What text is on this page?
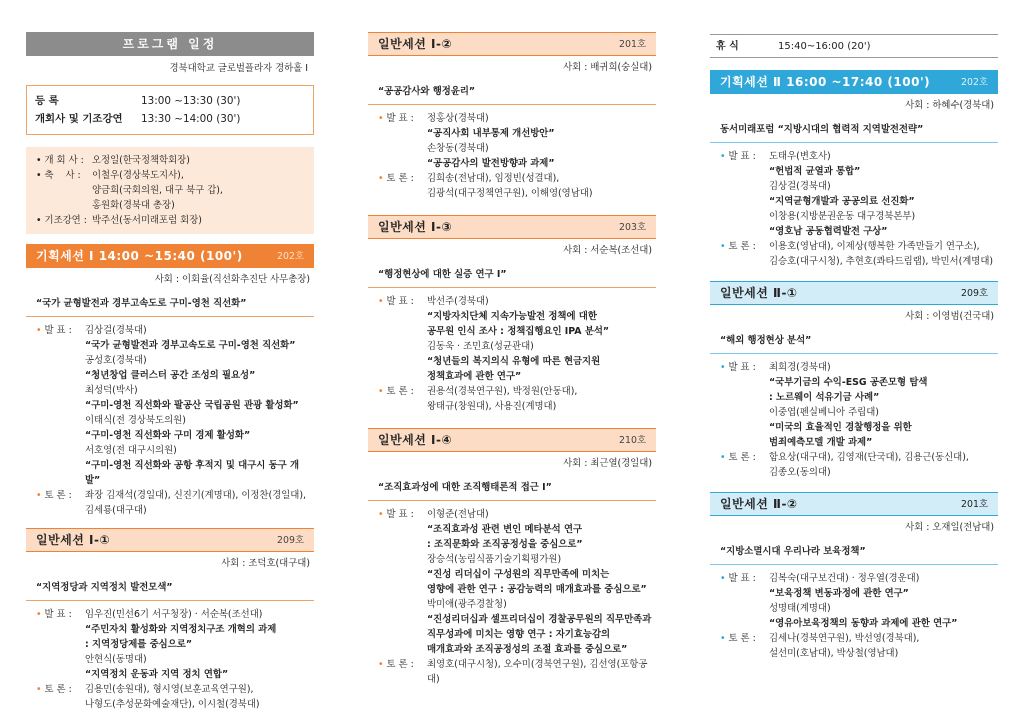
프로그램 일정
경북대학교 글로벌플라자 경하홀 I
등 록	13:00 ~13:30 (30')
개회사 및 기조강연	13:30 ~14:00 (30')
• 개 회 사 : 오정일(한국정책학회장)
• 축    사 :	이철우(경상북도지사),
양금희(국회의원, 대구 북구 갑),
홍원화(경북대 총장)
• 기조강연 : 박주선(동서미래포럼 회장)
기획세션 Ⅰ 14:00 ~15:40 (100')	202호
사회 : 이회율(직선화추진단 사무총장)
“국가 균형발전과 경부고속도로 구미-영천 직선화”
• 발 표 :	김상걸(경북대)
“국가 균형발전과 경부고속도로 구미-영천 직선화”
공성호(경북대)
“청년창업 클러스터 공간 조성의 필요성”
최성덕(박사)
“구미-영천 직선화와 팔공산 국립공원 관광 활성화”
이태식(전 경상북도의원)
“구미-영천 직선화와 구미 경제 활성화”
서호영(전 대구시의원)
“구미-영천 직선화와 공항 후적지 및 대구시 동구 개발”
• 토 론 :	좌장 김재석(경일대), 신진기(계명대), 이정찬(경일대),
김세룡(대구대)
일반세션 Ⅰ-①	209호
사회 : 조덕호(대구대)
“지역정당과 지역정치 발전모색”
• 발 표 :	임우진(민선6기 서구청장) · 서순복(조선대)
“주민자치 활성화와 지역정치구조 개혁의 과제
: 지역정당제를 중심으로”
안현식(동명대)
“지역정치 운동과 지역 정치 연합”
• 토 론 :	김용민(송원대), 형시영(보훈교육연구원),
나형도(추성문화예술재단), 이시철(경북대)
일반세션 Ⅰ-②	201호
사회 : 배귀희(숭실대)
“공공감사와 행정윤리”
• 발 표 :	정홍상(경북대)
“공직사회 내부통제 개선방안”
손창동(경북대)
“공공감사의 발전방향과 과제”
• 토 론 :	김희송(전남대), 임정빈(성결대),
김광석(대구정책연구원), 이해영(영남대)
일반세션 Ⅰ-③	203호
사회 : 서순복(조선대)
“행정현상에 대한 실증 연구 Ⅰ”
• 발 표 :	박선주(경북대)
“지방자치단체 지속가능발전 정책에 대한
공무원 인식 조사 : 정책집행요인 IPA 분석”
김동욱 · 조민효(성균관대)
“청년들의 복지의식 유형에 따른 현금지원
정책효과에 관한 연구”
• 토 론 :	권용석(경북연구원), 박정원(안동대),
왕태규(창원대), 사용진(계명대)
일반세션 Ⅰ-④	210호
사회 : 최근열(경일대)
“조직효과성에 대한 조직행태론적 접근 Ⅰ”
• 발 표 :	이형준(전남대)
“조직효과성 관련 변인 메타분석 연구
: 조직문화와 조직공정성을 중심으로”
장승석(농림식품기술기획평가원)
“진성 리더십이 구성원의 직무만족에 미치는
영향에 관한 연구 : 공감능력의 매개효과를 중심으로”
박미애(광주경찰청)
“진성리더십과 셀프리더십이 경찰공무원의 직무만족과
직무성과에 미치는 영향 연구 : 자기효능감의
매개효과와 조직공정성의 조절 효과를 중심으로”
• 토 론 :	최영호(대구시청), 오수미(경북연구원), 김선영(포항공대)
휴 식	15:40~16:00 (20')
기획세션 Ⅱ 16:00 ~17:40 (100')	202호
사회 : 하혜수(경북대)
동서미래포럼 “지방시대의 협력적 지역발전전략”
• 발 표 :	도태우(변호사)
“헌법적 균열과 통합”
김상걸(경북대)
“지역균형개발과 공공의료 선진화”
이창용(지방분권운동 대구경북본부)
“영호남 공동협력발전 구상”
• 토 론 :	이용호(영남대), 이제상(행복한 가족만들기 연구소),
김승호(대구시청), 추현호(콰타드림랩), 박민서(계명대)
일반세션 Ⅱ-①	209호
사회 : 이영범(건국대)
“해외 행정현상 분석”
• 발 표 :	최희경(경북대)
“국부기금의 수익-ESG 공존모형 탐색
: 노르웨이 석유기금 사례”
이중엽(펜실베니아 주립대)
“미국의 효율적인 경찰행정을 위한
범죄예측모델 개발 과제”
• 토 론 :	함요상(대구대), 김영재(단국대), 김용근(동신대),
김종오(동의대)
일반세션 Ⅱ-②	201호
사회 : 오재일(전남대)
“지방소멸시대 우리나라 보육정책”
• 발 표 :	김복숙(대구보건대) · 정우열(경운대)
“보육정책 변동과정에 관한 연구”
성명태(계명대)
“영유아보육정책의 동향과 과제에 관한 연구”
• 토 론 :	김세나(경북연구원), 박선영(경북대),
설선미(호남대), 박상철(영남대)
